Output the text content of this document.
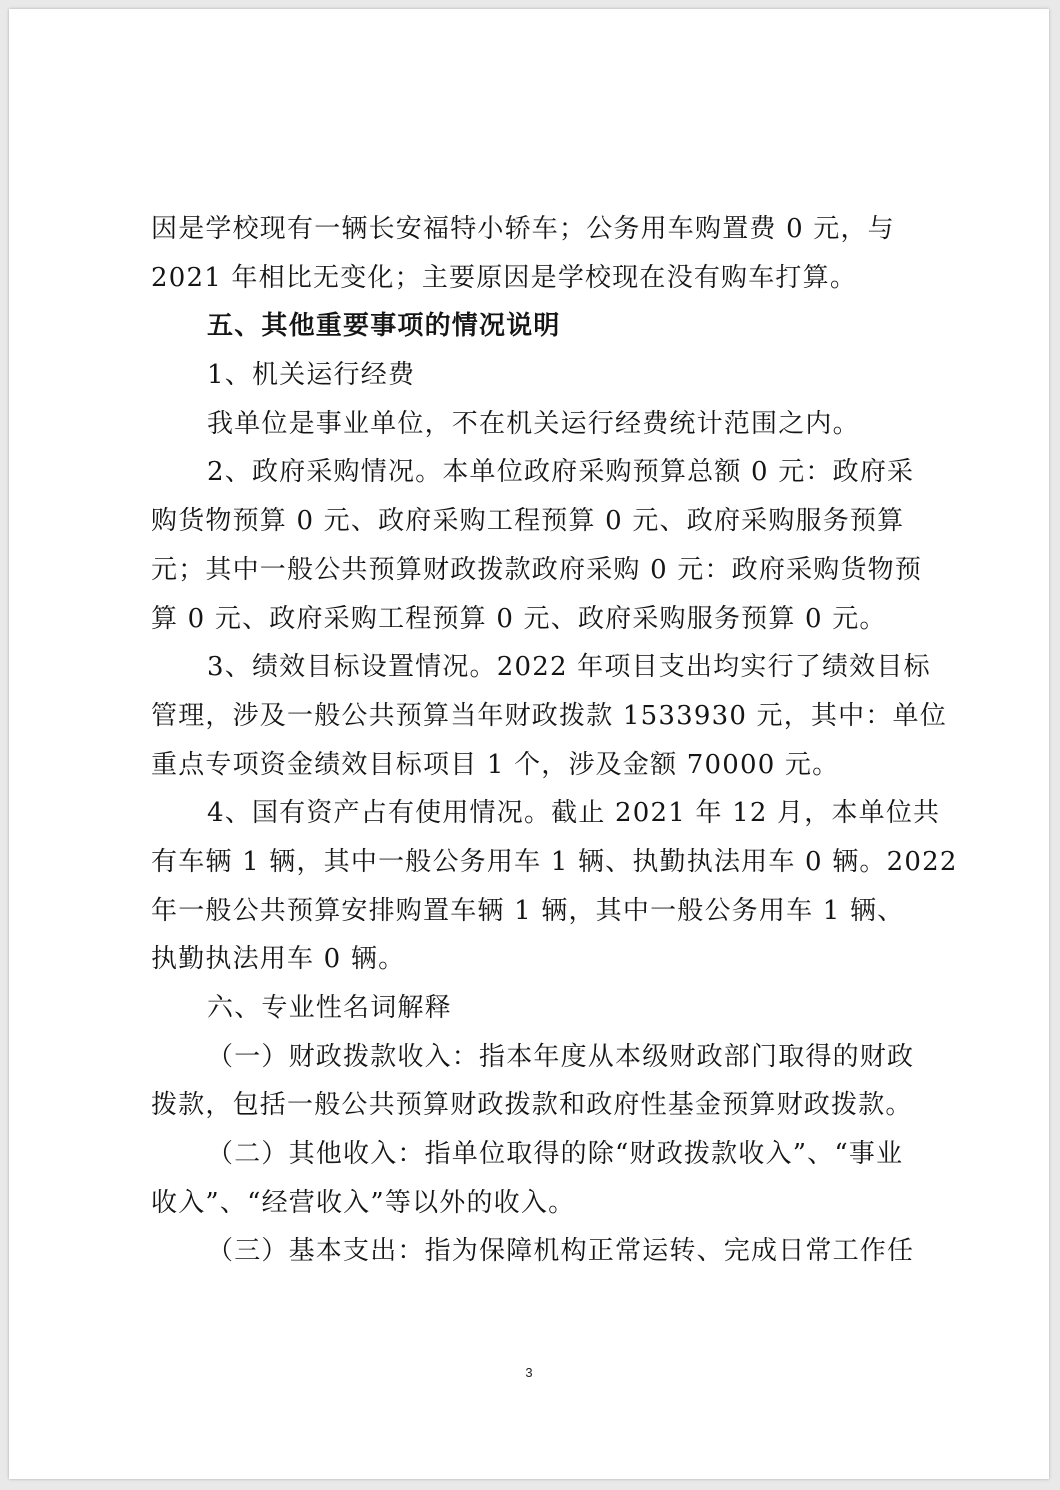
因是学校现有一辆长安福特小轿车；公务用车购置费 0 元，与
2021 年相比无变化；主要原因是学校现在没有购车打算。
五、其他重要事项的情况说明
1、机关运行经费
我单位是事业单位，不在机关运行经费统计范围之内。
2、政府采购情况。本单位政府采购预算总额 0 元：政府采
购货物预算 0 元、政府采购工程预算 0 元、政府采购服务预算
元；其中一般公共预算财政拨款政府采购 0 元：政府采购货物预
算 0 元、政府采购工程预算 0 元、政府采购服务预算 0 元。
3、绩效目标设置情况。2022 年项目支出均实行了绩效目标
管理，涉及一般公共预算当年财政拨款 1533930 元，其中：单位
重点专项资金绩效目标项目 1 个，涉及金额 70000 元。
4、国有资产占有使用情况。截止 2021 年 12 月，本单位共
有车辆 1 辆，其中一般公务用车 1 辆、执勤执法用车 0 辆。2022
年一般公共预算安排购置车辆 1 辆，其中一般公务用车 1 辆、
执勤执法用车 0 辆。
六、专业性名词解释
（一）财政拨款收入：指本年度从本级财政部门取得的财政
拨款，包括一般公共预算财政拨款和政府性基金预算财政拨款。
（二）其他收入：指单位取得的除“财政拨款收入”、“事业
收入”、“经营收入”等以外的收入。
（三）基本支出：指为保障机构正常运转、完成日常工作任
3
